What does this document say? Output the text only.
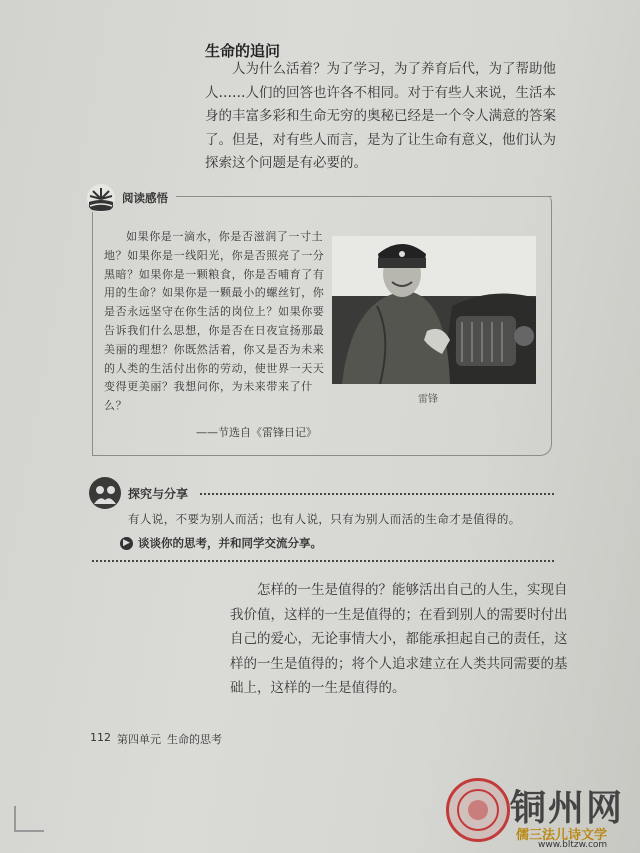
生命的追问

人为什么活着？为了学习，为了养育后代，为了帮助他人……人们的回答也许各不相同。对于有些人来说，生活本身的丰富多彩和生命无穷的奥秘已经是一个令人满意的答案了。但是，对有些人而言，是为了让生命有意义，他们认为探索这个问题是有必要的。

阅读感悟

如果你是一滴水，你是否滋润了一寸土地？如果你是一线阳光，你是否照亮了一分黑暗？如果你是一颗粮食，你是否哺育了有用的生命？如果你是一颗最小的螺丝钉，你是否永远坚守在你生活的岗位上？如果你要告诉我们什么思想，你是否在日夜宣扬那最美丽的理想？你既然活着，你又是否为未来的人类的生活付出你的劳动，使世界一天天变得更美丽？我想问你，为未来带来了什么？

——节选自《雷锋日记》
雷锋
探究与分享
有人说，不要为别人而活；也有人说，只有为别人而活的生命才是值得的。
▶ 谈谈你的思考，并和同学交流分享。

怎样的一生是值得的？能够活出自己的人生，实现自我价值，这样的一生是值得的；在看到别人的需要时付出自己的爱心，无论事情大小，都能承担起自己的责任，这样的一生是值得的；将个人追求建立在人类共同需要的基础上，这样的一生是值得的。

112 第四单元 生命的思考
铜州网
儒三法儿诗文学
www.bltzw.com
